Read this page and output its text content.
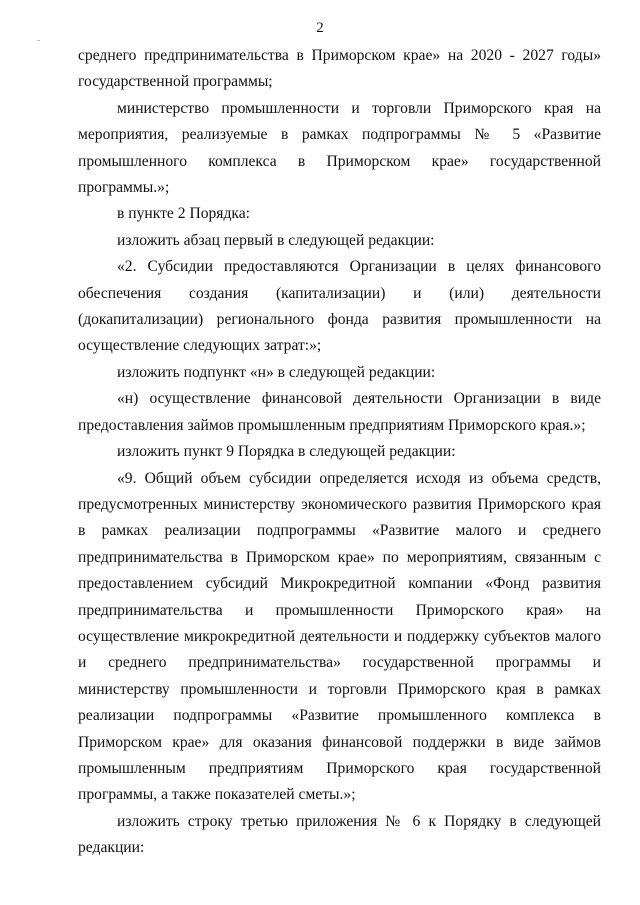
2

среднего предпринимательства в Приморском крае» на 2020 - 2027 годы» государственной программы;

министерство промышленности и торговли Приморского края на мероприятия, реализуемые в рамках подпрограммы № 5 «Развитие промышленного комплекса в Приморском крае» государственной программы.»;

в пункте 2 Порядка:

изложить абзац первый в следующей редакции:

«2. Субсидии предоставляются Организации в целях финансового обеспечения создания (капитализации) и (или) деятельности (докапитализации) регионального фонда развития промышленности на осуществление следующих затрат:»;

изложить подпункт «н» в следующей редакции:

«н) осуществление финансовой деятельности Организации в виде предоставления займов промышленным предприятиям Приморского края.»;

изложить пункт 9 Порядка в следующей редакции:

«9. Общий объем субсидии определяется исходя из объема средств, предусмотренных министерству экономического развития Приморского края в рамках реализации подпрограммы «Развитие малого и среднего предпринимательства в Приморском крае» по мероприятиям, связанным с предоставлением субсидий Микрокредитной компании «Фонд развития предпринимательства и промышленности Приморского края» на осуществление микрокредитной деятельности и поддержку субъектов малого и среднего предпринимательства» государственной программы и министерству промышленности и торговли Приморского края в рамках реализации подпрограммы «Развитие промышленного комплекса в Приморском крае» для оказания финансовой поддержки в виде займов промышленным предприятиям Приморского края государственной программы, а также показателей сметы.»;

изложить строку третью приложения № 6 к Порядку в следующей редакции:
